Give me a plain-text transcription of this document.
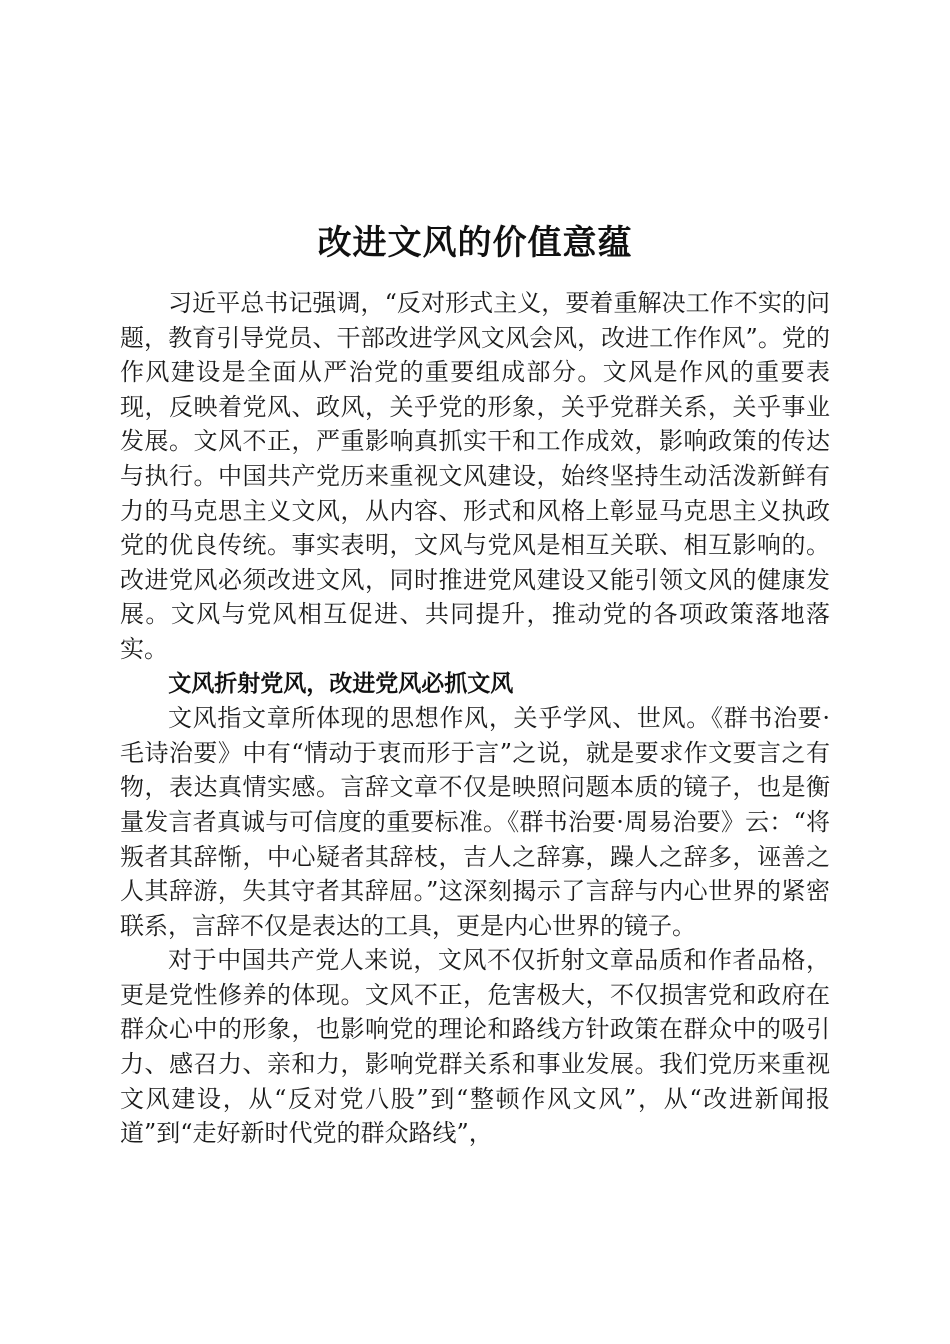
改进文风的价值意蕴

习近平总书记强调，“反对形式主义，要着重解决工作不实的问题，教育引导党员、干部改进学风文风会风，改进工作作风”。党的作风建设是全面从严治党的重要组成部分。文风是作风的重要表现，反映着党风、政风，关乎党的形象，关乎党群关系，关乎事业发展。文风不正，严重影响真抓实干和工作成效，影响政策的传达与执行。中国共产党历来重视文风建设，始终坚持生动活泼新鲜有力的马克思主义文风，从内容、形式和风格上彰显马克思主义执政党的优良传统。事实表明，文风与党风是相互关联、相互影响的。改进党风必须改进文风，同时推进党风建设又能引领文风的健康发展。文风与党风相互促进、共同提升，推动党的各项政策落地落实。

文风折射党风，改进党风必抓文风

文风指文章所体现的思想作风，关乎学风、世风。《群书治要·毛诗治要》中有“情动于衷而形于言”之说，就是要求作文要言之有物，表达真情实感。言辞文章不仅是映照问题本质的镜子，也是衡量发言者真诚与可信度的重要标准。《群书治要·周易治要》云：“将叛者其辞惭，中心疑者其辞枝，吉人之辞寡，躁人之辞多，诬善之人其辞游，失其守者其辞屈。”这深刻揭示了言辞与内心世界的紧密联系，言辞不仅是表达的工具，更是内心世界的镜子。

对于中国共产党人来说，文风不仅折射文章品质和作者品格，更是党性修养的体现。文风不正，危害极大，不仅损害党和政府在群众心中的形象，也影响党的理论和路线方针政策在群众中的吸引力、感召力、亲和力，影响党群关系和事业发展。我们党历来重视文风建设，从“反对党八股”到“整顿作风文风”，从“改进新闻报道”到“走好新时代党的群众路线”，
